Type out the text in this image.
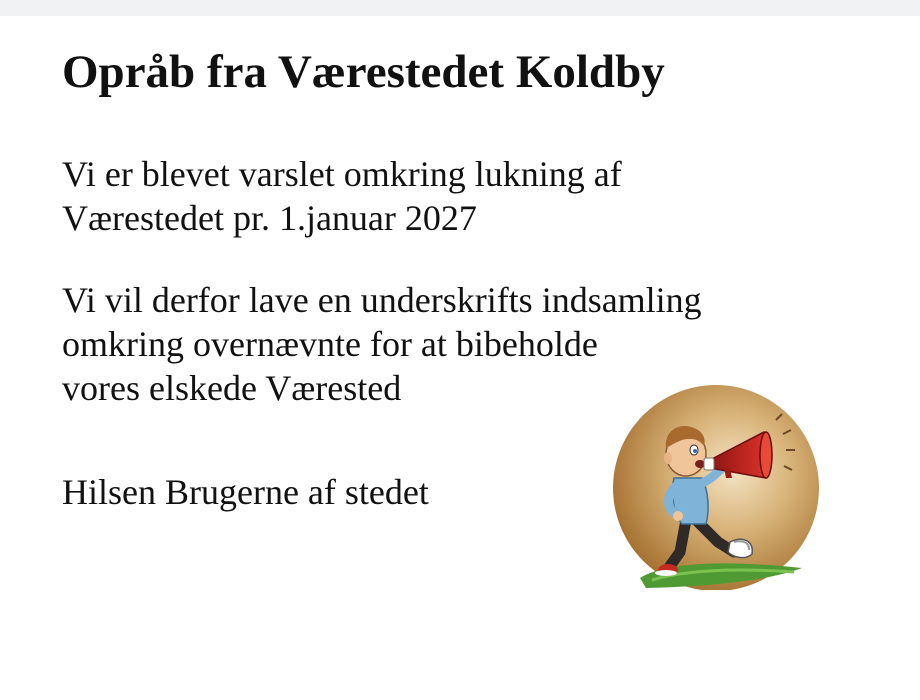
Opråb fra Værestedet Koldby

Vi er blevet varslet omkring lukning af
Værestedet pr. 1.januar 2027

Vi vil derfor lave en underskrifts indsamling
omkring overnævnte for at bibeholde
vores elskede Værested

Hilsen Brugerne af stedet
